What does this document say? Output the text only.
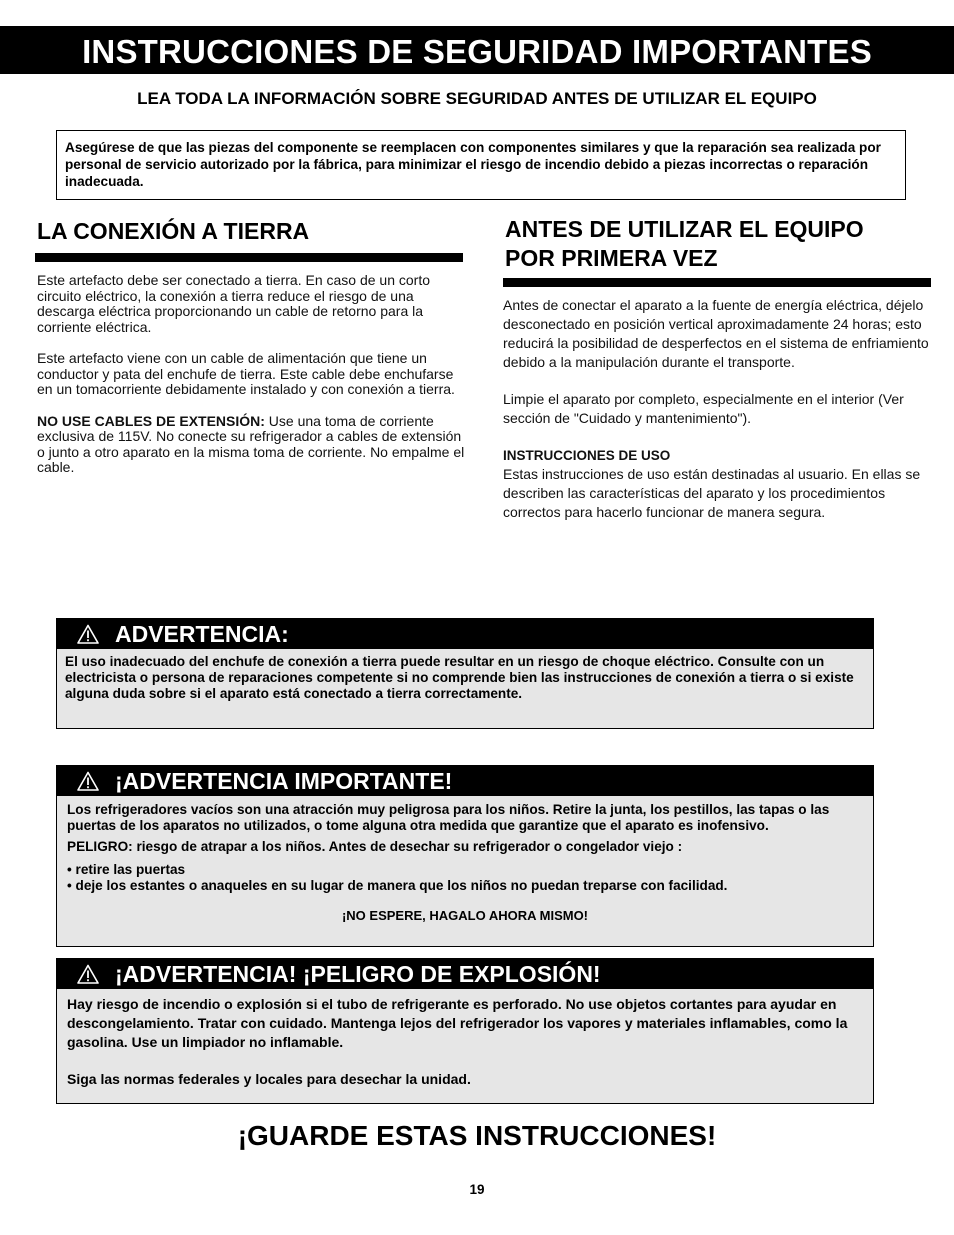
INSTRUCCIONES DE SEGURIDAD IMPORTANTES
LEA TODA LA INFORMACIÓN SOBRE SEGURIDAD ANTES DE UTILIZAR EL EQUIPO
Asegúrese de que las piezas del componente se reemplacen con componentes similares y que la reparación sea realizada por personal de servicio autorizado por la fábrica, para minimizar el riesgo de incendio debido a piezas incorrectas o reparación inadecuada.
LA CONEXIÓN A TIERRA

Este artefacto debe ser conectado a tierra. En caso de un corto circuito eléctrico, la conexión a tierra reduce el riesgo de una descarga eléctrica proporcionando un cable de retorno para la corriente eléctrica.

Este artefacto viene con un cable de alimentación que tiene un conductor y pata del enchufe de tierra. Este cable debe enchufarse en un tomacorriente debidamente instalado y con conexión a tierra.

NO USE CABLES DE EXTENSIÓN: Use una toma de corriente exclusiva de 115V. No conecte su refrigerador a cables de extensión o junto a otro aparato en la misma toma de corriente. No empalme el cable.

ANTES DE UTILIZAR EL EQUIPO
POR PRIMERA VEZ

Antes de conectar el aparato a la fuente de energía eléctrica, déjelo desconectado en posición vertical aproximadamente 24 horas; esto reducirá la posibilidad de desperfectos en el sistema de enfriamiento debido a la manipulación durante el transporte.

Limpie el aparato por completo, especialmente en el interior (Ver sección de "Cuidado y mantenimiento").

INSTRUCCIONES DE USO
Estas instrucciones de uso están destinadas al usuario. En ellas se describen las características del aparato y los procedimientos correctos para hacerlo funcionar de manera segura.
ADVERTENCIA:
El uso inadecuado del enchufe de conexión a tierra puede resultar en un riesgo de choque eléctrico. Consulte con un electricista o persona de reparaciones competente si no comprende bien las instrucciones de conexión a tierra o si existe alguna duda sobre si el aparato está conectado a tierra correctamente.
¡ADVERTENCIA IMPORTANTE!
Los refrigeradores vacíos son una atracción muy peligrosa para los niños. Retire la junta, los pestillos, las tapas o las puertas de los aparatos no utilizados, o tome alguna otra medida que garantize que el aparato es inofensivo.
PELIGRO: riesgo de atrapar a los niños. Antes de desechar su refrigerador o congelador viejo :
• retire las puertas
• deje los estantes o anaqueles en su lugar de manera que los niños no puedan treparse con facilidad.
¡NO ESPERE, HAGALO AHORA MISMO!
¡ADVERTENCIA! ¡PELIGRO DE EXPLOSIÓN!
Hay riesgo de incendio o explosión si el tubo de refrigerante es perforado. No use objetos cortantes para ayudar en descongelamiento. Tratar con cuidado. Mantenga lejos del refrigerador los vapores y materiales inflamables, como la gasolina. Use un limpiador no inflamable.
Siga las normas federales y locales para desechar la unidad.
¡GUARDE ESTAS INSTRUCCIONES!
19
